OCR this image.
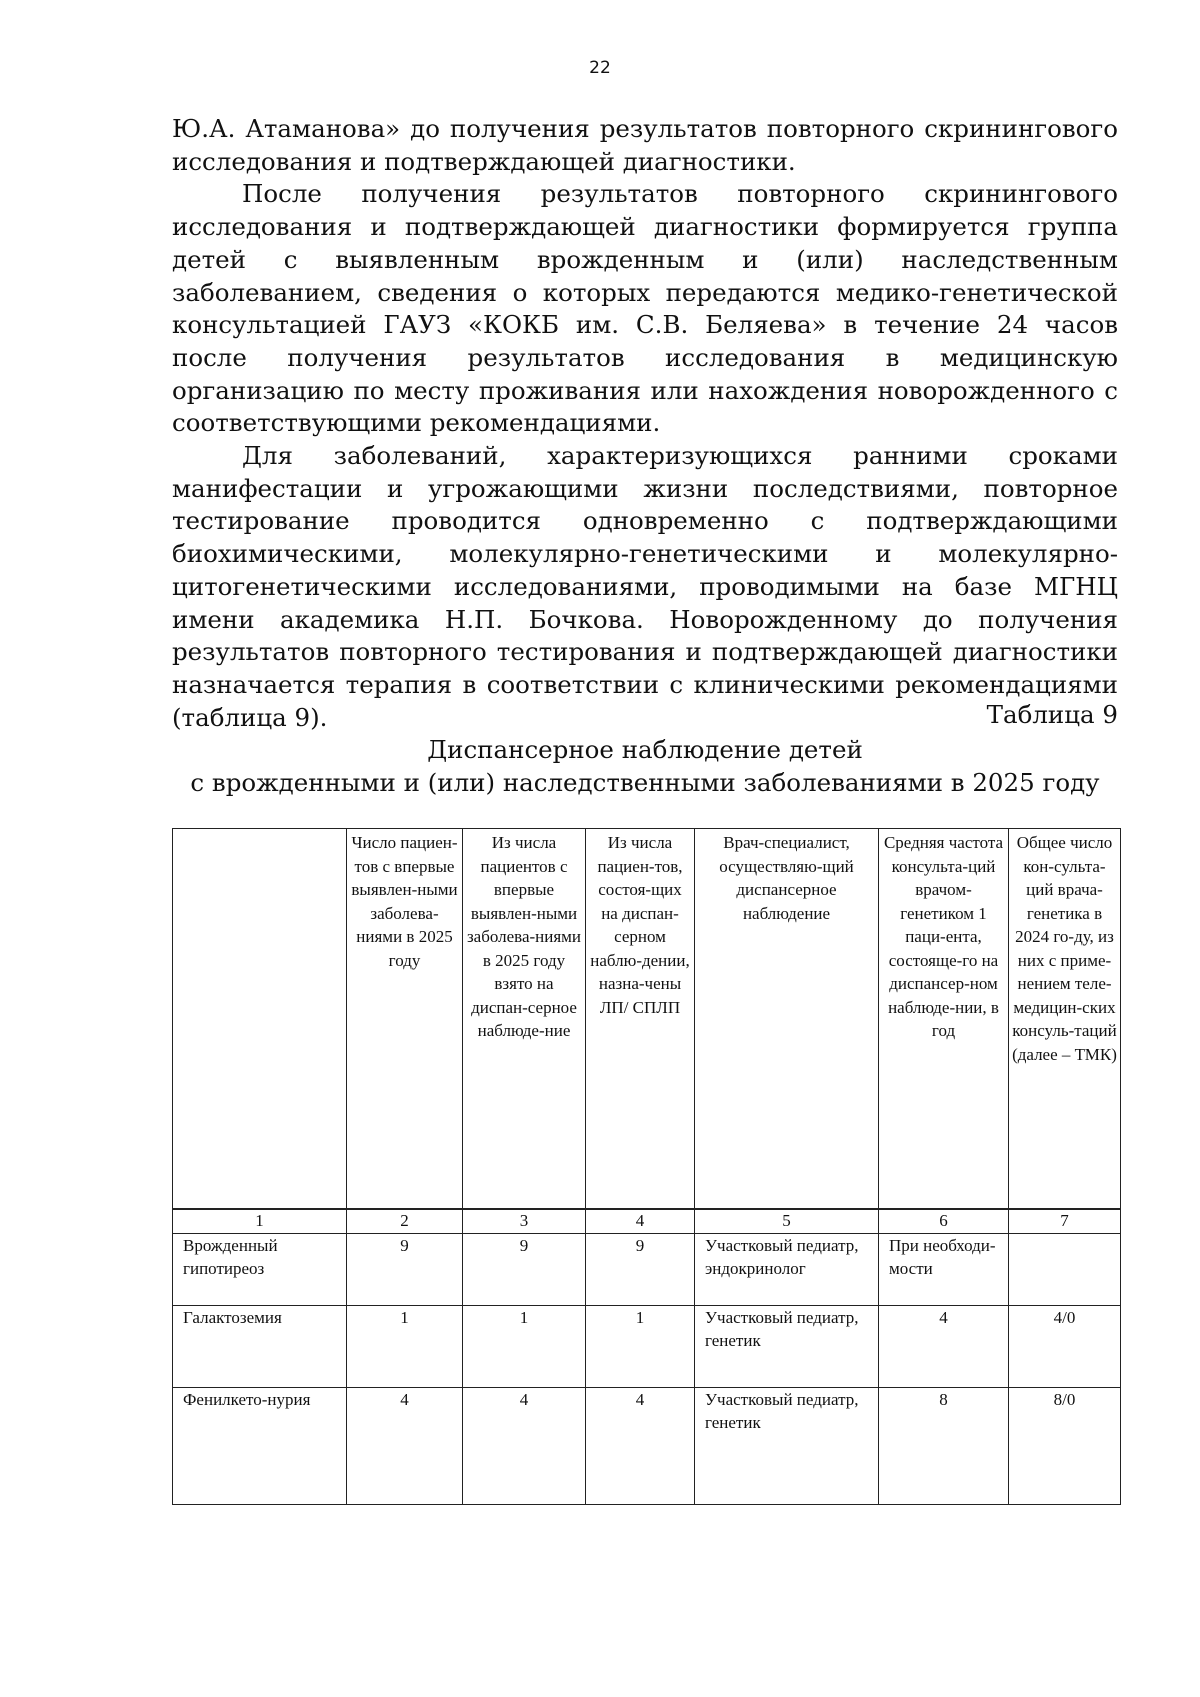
22

Ю.А. Атаманова» до получения результатов повторного скринингового исследования и подтверждающей диагностики.

После получения результатов повторного скринингового исследования и подтверждающей диагностики формируется группа детей с выявленным врожденным и (или) наследственным заболеванием, сведения о которых передаются медико-генетической консультацией ГАУЗ «КОКБ им. С.В. Беляева» в течение 24 часов после получения результатов исследования в медицинскую организацию по месту проживания или нахождения новорожденного с соответствующими рекомендациями.

Для заболеваний, характеризующихся ранними сроками манифестации и угрожающими жизни последствиями, повторное тестирование проводится одновременно с подтверждающими биохимическими, молекулярно-генетическими и молекулярно-цитогенетическими исследованиями, проводимыми на базе МГНЦ имени академика Н.П. Бочкова. Новорожденному до получения результатов повторного тестирования и подтверждающей диагностики назначается терапия в соответствии с клиническими рекомендациями (таблица 9).	Таблица 9
Диспансерное наблюдение детей
с врожденными и (или) наследственными заболеваниями в 2025 году
	Число пациен-тов с впервые выявлен-ными заболева-ниями в 2025 году	Из числа пациентов с впервые выявлен-ными заболева-ниями в 2025 году взято на диспан-серное наблюде-ние	Из числа пациен-тов, состоя-щих на диспан-серном наблю-дении, назна-чены ЛП/ СПЛП	Врач-специалист, осуществляю-щий диспансерное наблюдение	Средняя частота консульта-ций врачом-генетиком 1 паци-ента, состояще-го на диспансер-ном наблюде-нии, в год	Общее число кон-сульта-ций врача-генетика в 2024 го-ду, из них с приме-нением теле-медицин-ских консуль-таций (далее – ТМК)
1	2	3	4	5	6	7
Врожденный гипотиреоз	9	9	9	Участковый педиатр, эндокринолог	При необходи-мости	
Галактоземия	1	1	1	Участковый педиатр, генетик	4	4/0
Фенилкето-нурия	4	4	4	Участковый педиатр, генетик	8	8/0
